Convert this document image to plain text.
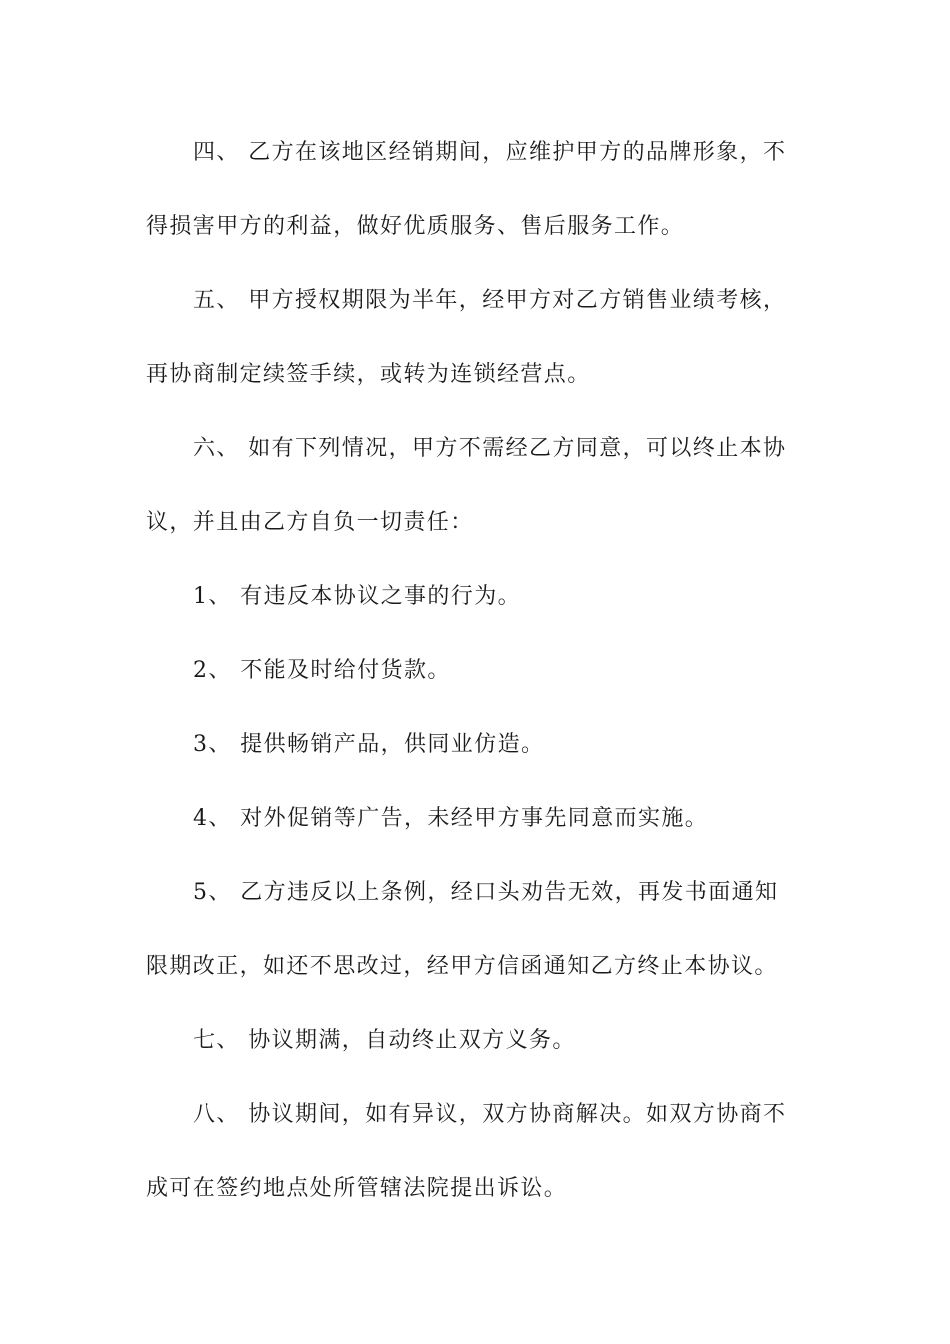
四、 乙方在该地区经销期间，应维护甲方的品牌形象，不
得损害甲方的利益，做好优质服务、售后服务工作。
五、 甲方授权期限为半年，经甲方对乙方销售业绩考核，
再协商制定续签手续，或转为连锁经营点。
六、 如有下列情况，甲方不需经乙方同意，可以终止本协
议，并且由乙方自负一切责任：
1、 有违反本协议之事的行为。
2、 不能及时给付货款。
3、 提供畅销产品，供同业仿造。
4、 对外促销等广告，未经甲方事先同意而实施。
5、 乙方违反以上条例，经口头劝告无效，再发书面通知
限期改正，如还不思改过，经甲方信函通知乙方终止本协议。
七、 协议期满，自动终止双方义务。
八、 协议期间，如有异议，双方协商解决。如双方协商不
成可在签约地点处所管辖法院提出诉讼。
